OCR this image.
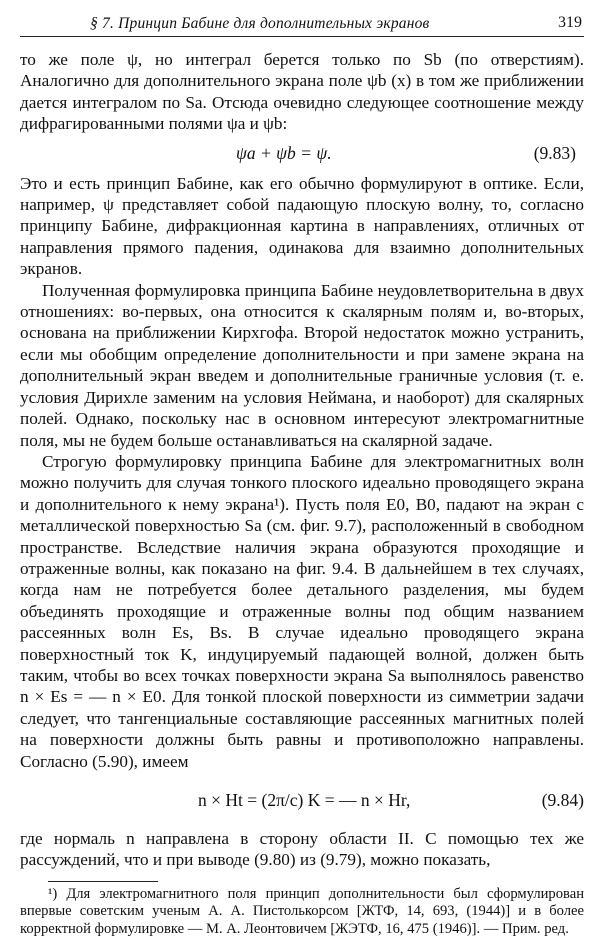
§ 7. Принцип Бабине для дополнительных экранов	319

то же поле ψ, но интеграл берется только по Sb (по отверстиям). Аналогично для дополнительного экрана поле ψb (x) в том же приближении дается интегралом по Sa. Отсюда очевидно следующее соотношение между дифрагированными полями ψa и ψb:

ψa + ψb = ψ.	(9.83)

Это и есть принцип Бабине, как его обычно формулируют в оптике. Если, например, ψ представляет собой падающую плоскую волну, то, согласно принципу Бабине, дифракционная картина в направлениях, отличных от направления прямого падения, одинакова для взаимно дополнительных экранов.

Полученная формулировка принципа Бабине неудовлетворительна в двух отношениях: во-первых, она относится к скалярным полям и, во-вторых, основана на приближении Кирхгофа. Второй недостаток можно устранить, если мы обобщим определение дополнительности и при замене экрана на дополнительный экран введем и дополнительные граничные условия (т. е. условия Дирихле заменим на условия Неймана, и наоборот) для скалярных полей. Однако, поскольку нас в основном интересуют электромагнитные поля, мы не будем больше останавливаться на скалярной задаче.

Строгую формулировку принципа Бабине для электромагнитных волн можно получить для случая тонкого плоского идеально проводящего экрана и дополнительного к нему экрана¹). Пусть поля E0, B0, падают на экран с металлической поверхностью Sa (см. фиг. 9.7), расположенный в свободном пространстве. Вследствие наличия экрана образуются проходящие и отраженные волны, как показано на фиг. 9.4. В дальнейшем в тех случаях, когда нам не потребуется более детального разделения, мы будем объединять проходящие и отраженные волны под общим названием рассеянных волн Es, Bs. В случае идеально проводящего экрана поверхностный ток K, индуцируемый падающей волной, должен быть таким, чтобы во всех точках поверхности экрана Sa выполнялось равенство n × Es = — n × E0. Для тонкой плоской поверхности из симметрии задачи следует, что тангенциальные составляющие рассеянных магнитных полей на поверхности должны быть равны и противоположно направлены. Согласно (5.90), имеем

n × Ht = (2π/c) K = — n × Hr,	(9.84)

где нормаль n направлена в сторону области II. С помощью тех же рассуждений, что и при выводе (9.80) из (9.79), можно показать,

¹) Для электромагнитного поля принцип дополнительности был сформулирован впервые советским ученым А. А. Пистолькорсом [ЖТФ, 14, 693, (1944)] и в более корректной формулировке — М. А. Леонтовичем [ЖЭТФ, 16, 475 (1946)]. — Прим. ред.
